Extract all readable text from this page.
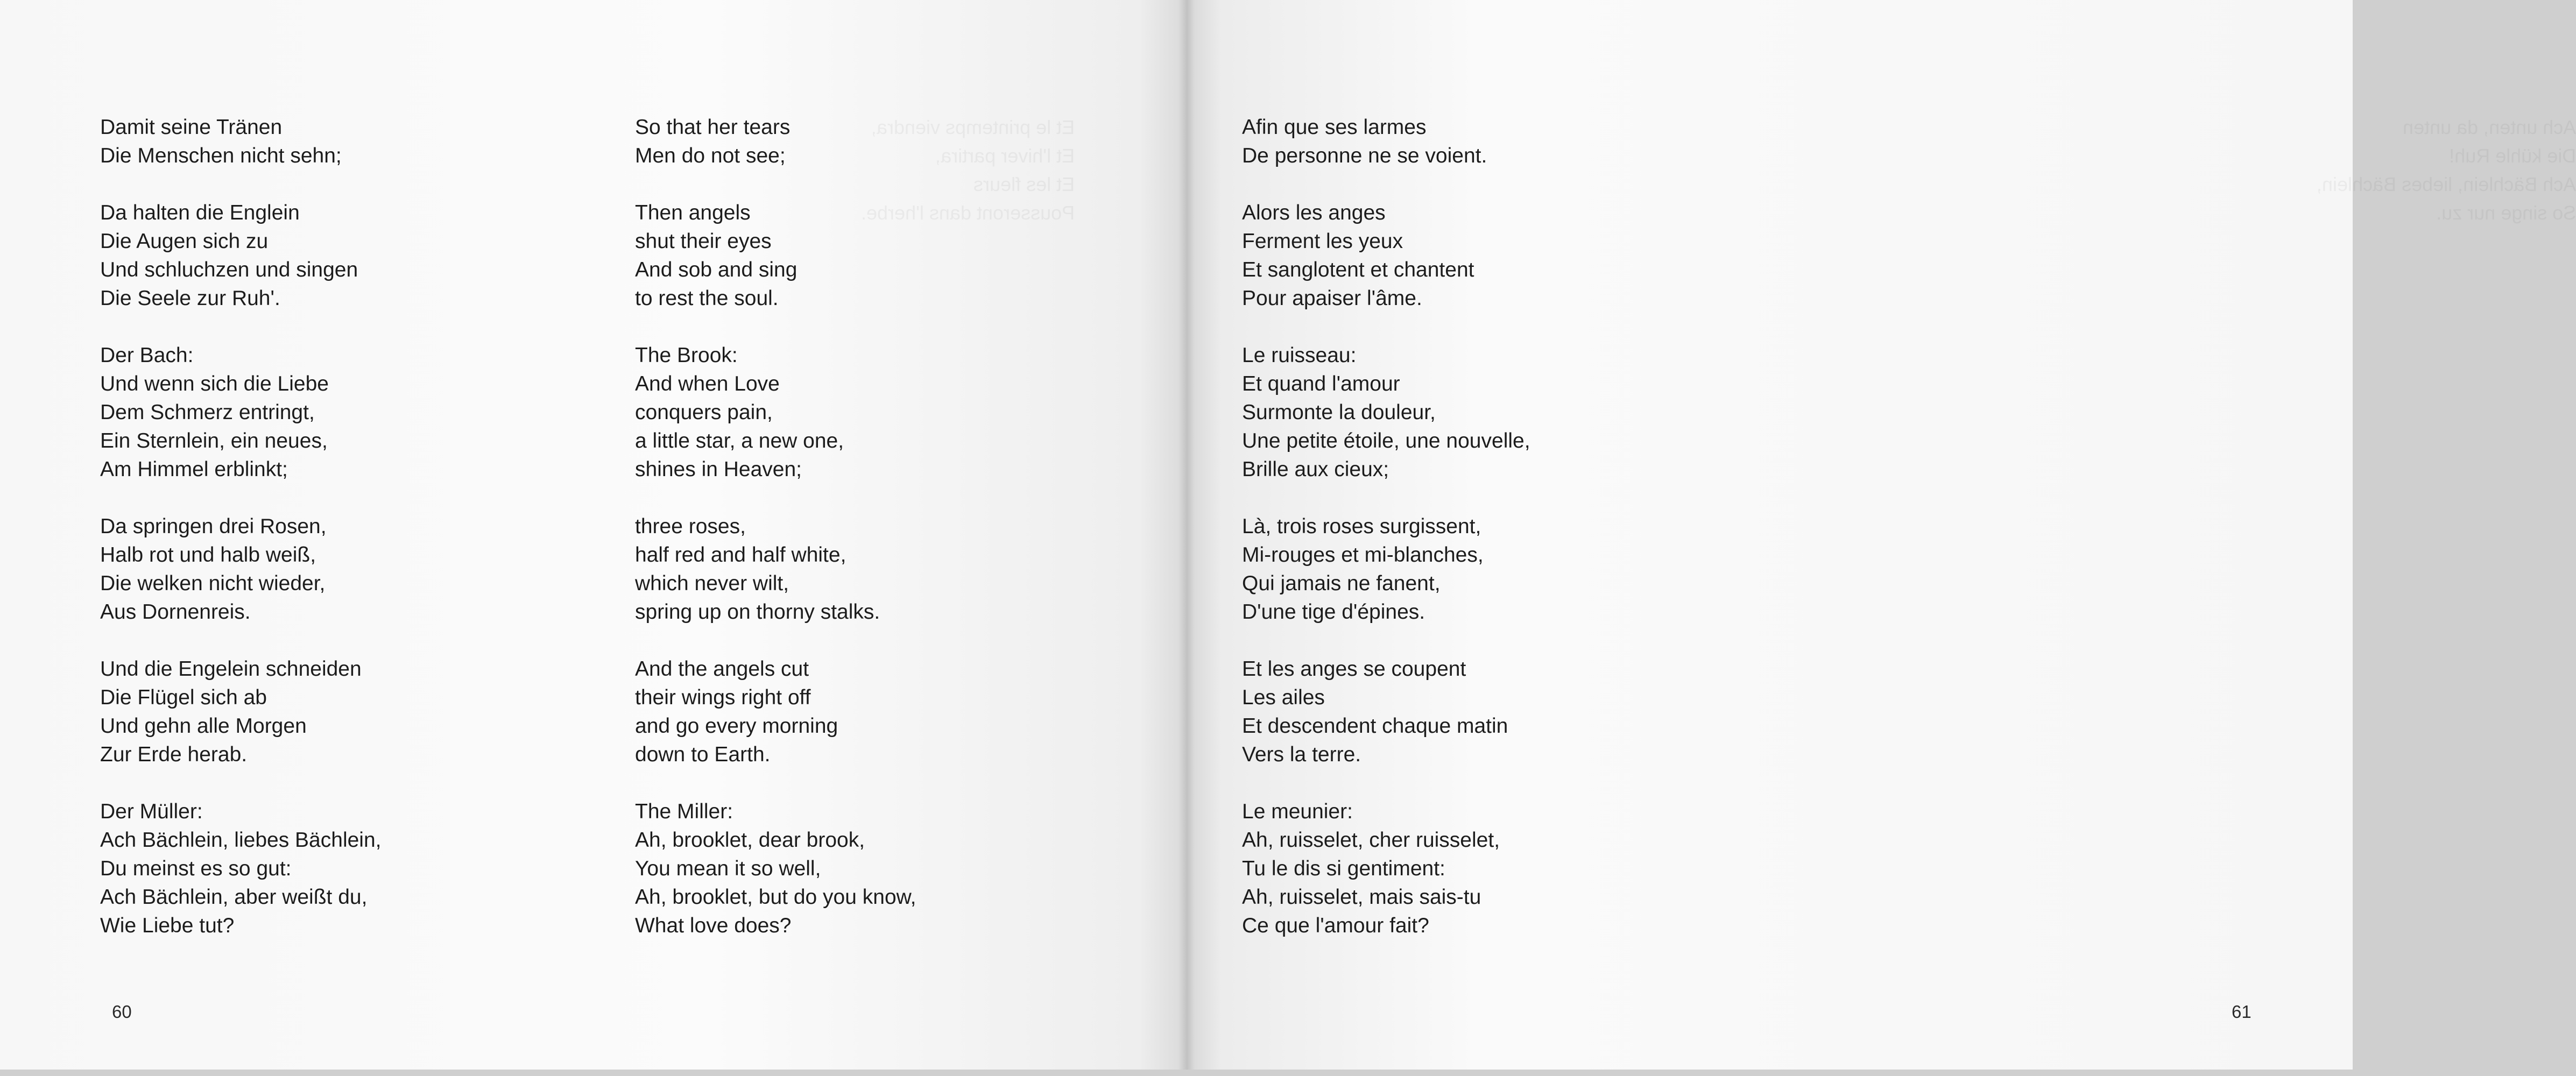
Et le printemps viendra,
Et l'hiver partira,
Et les fleurs
Pousseront dans l'herbe.
Damit seine Tränen
Die Menschen nicht sehn;
Da halten die Englein
Die Augen sich zu
Und schluchzen und singen
Die Seele zur Ruh'.
Der Bach:
Und wenn sich die Liebe
Dem Schmerz entringt,
Ein Sternlein, ein neues,
Am Himmel erblinkt;
Da springen drei Rosen,
Halb rot und halb weiß,
Die welken nicht wieder,
Aus Dornenreis.
Und die Engelein schneiden
Die Flügel sich ab
Und gehn alle Morgen
Zur Erde herab.
Der Müller:
Ach Bächlein, liebes Bächlein,
Du meinst es so gut:
Ach Bächlein, aber weißt du,
Wie Liebe tut?
So that her tears
Men do not see;
Then angels
shut their eyes
And sob and sing
to rest the soul.
The Brook:
And when Love
conquers pain,
a little star, a new one,
shines in Heaven;
three roses,
half red and half white,
which never wilt,
spring up on thorny stalks.
And the angels cut
their wings right off
and go every morning
down to Earth.
The Miller:
Ah, brooklet, dear brook,
You mean it so well,
Ah, brooklet, but do you know,
What love does?
60
Ach unten, da unten
Die kühle Ruh!
Ach Bächlein, liebes Bächlein,
So singe nur zu.
Afin que ses larmes
De personne ne se voient.
Alors les anges
Ferment les yeux
Et sanglotent et chantent
Pour apaiser l'âme.
Le ruisseau:
Et quand l'amour
Surmonte la douleur,
Une petite étoile, une nouvelle,
Brille aux cieux;
Là, trois roses surgissent,
Mi-rouges et mi-blanches,
Qui jamais ne fanent,
D'une tige d'épines.
Et les anges se coupent
Les ailes
Et descendent chaque matin
Vers la terre.
Le meunier:
Ah, ruisselet, cher ruisselet,
Tu le dis si gentiment:
Ah, ruisselet, mais sais-tu
Ce que l'amour fait?
61
